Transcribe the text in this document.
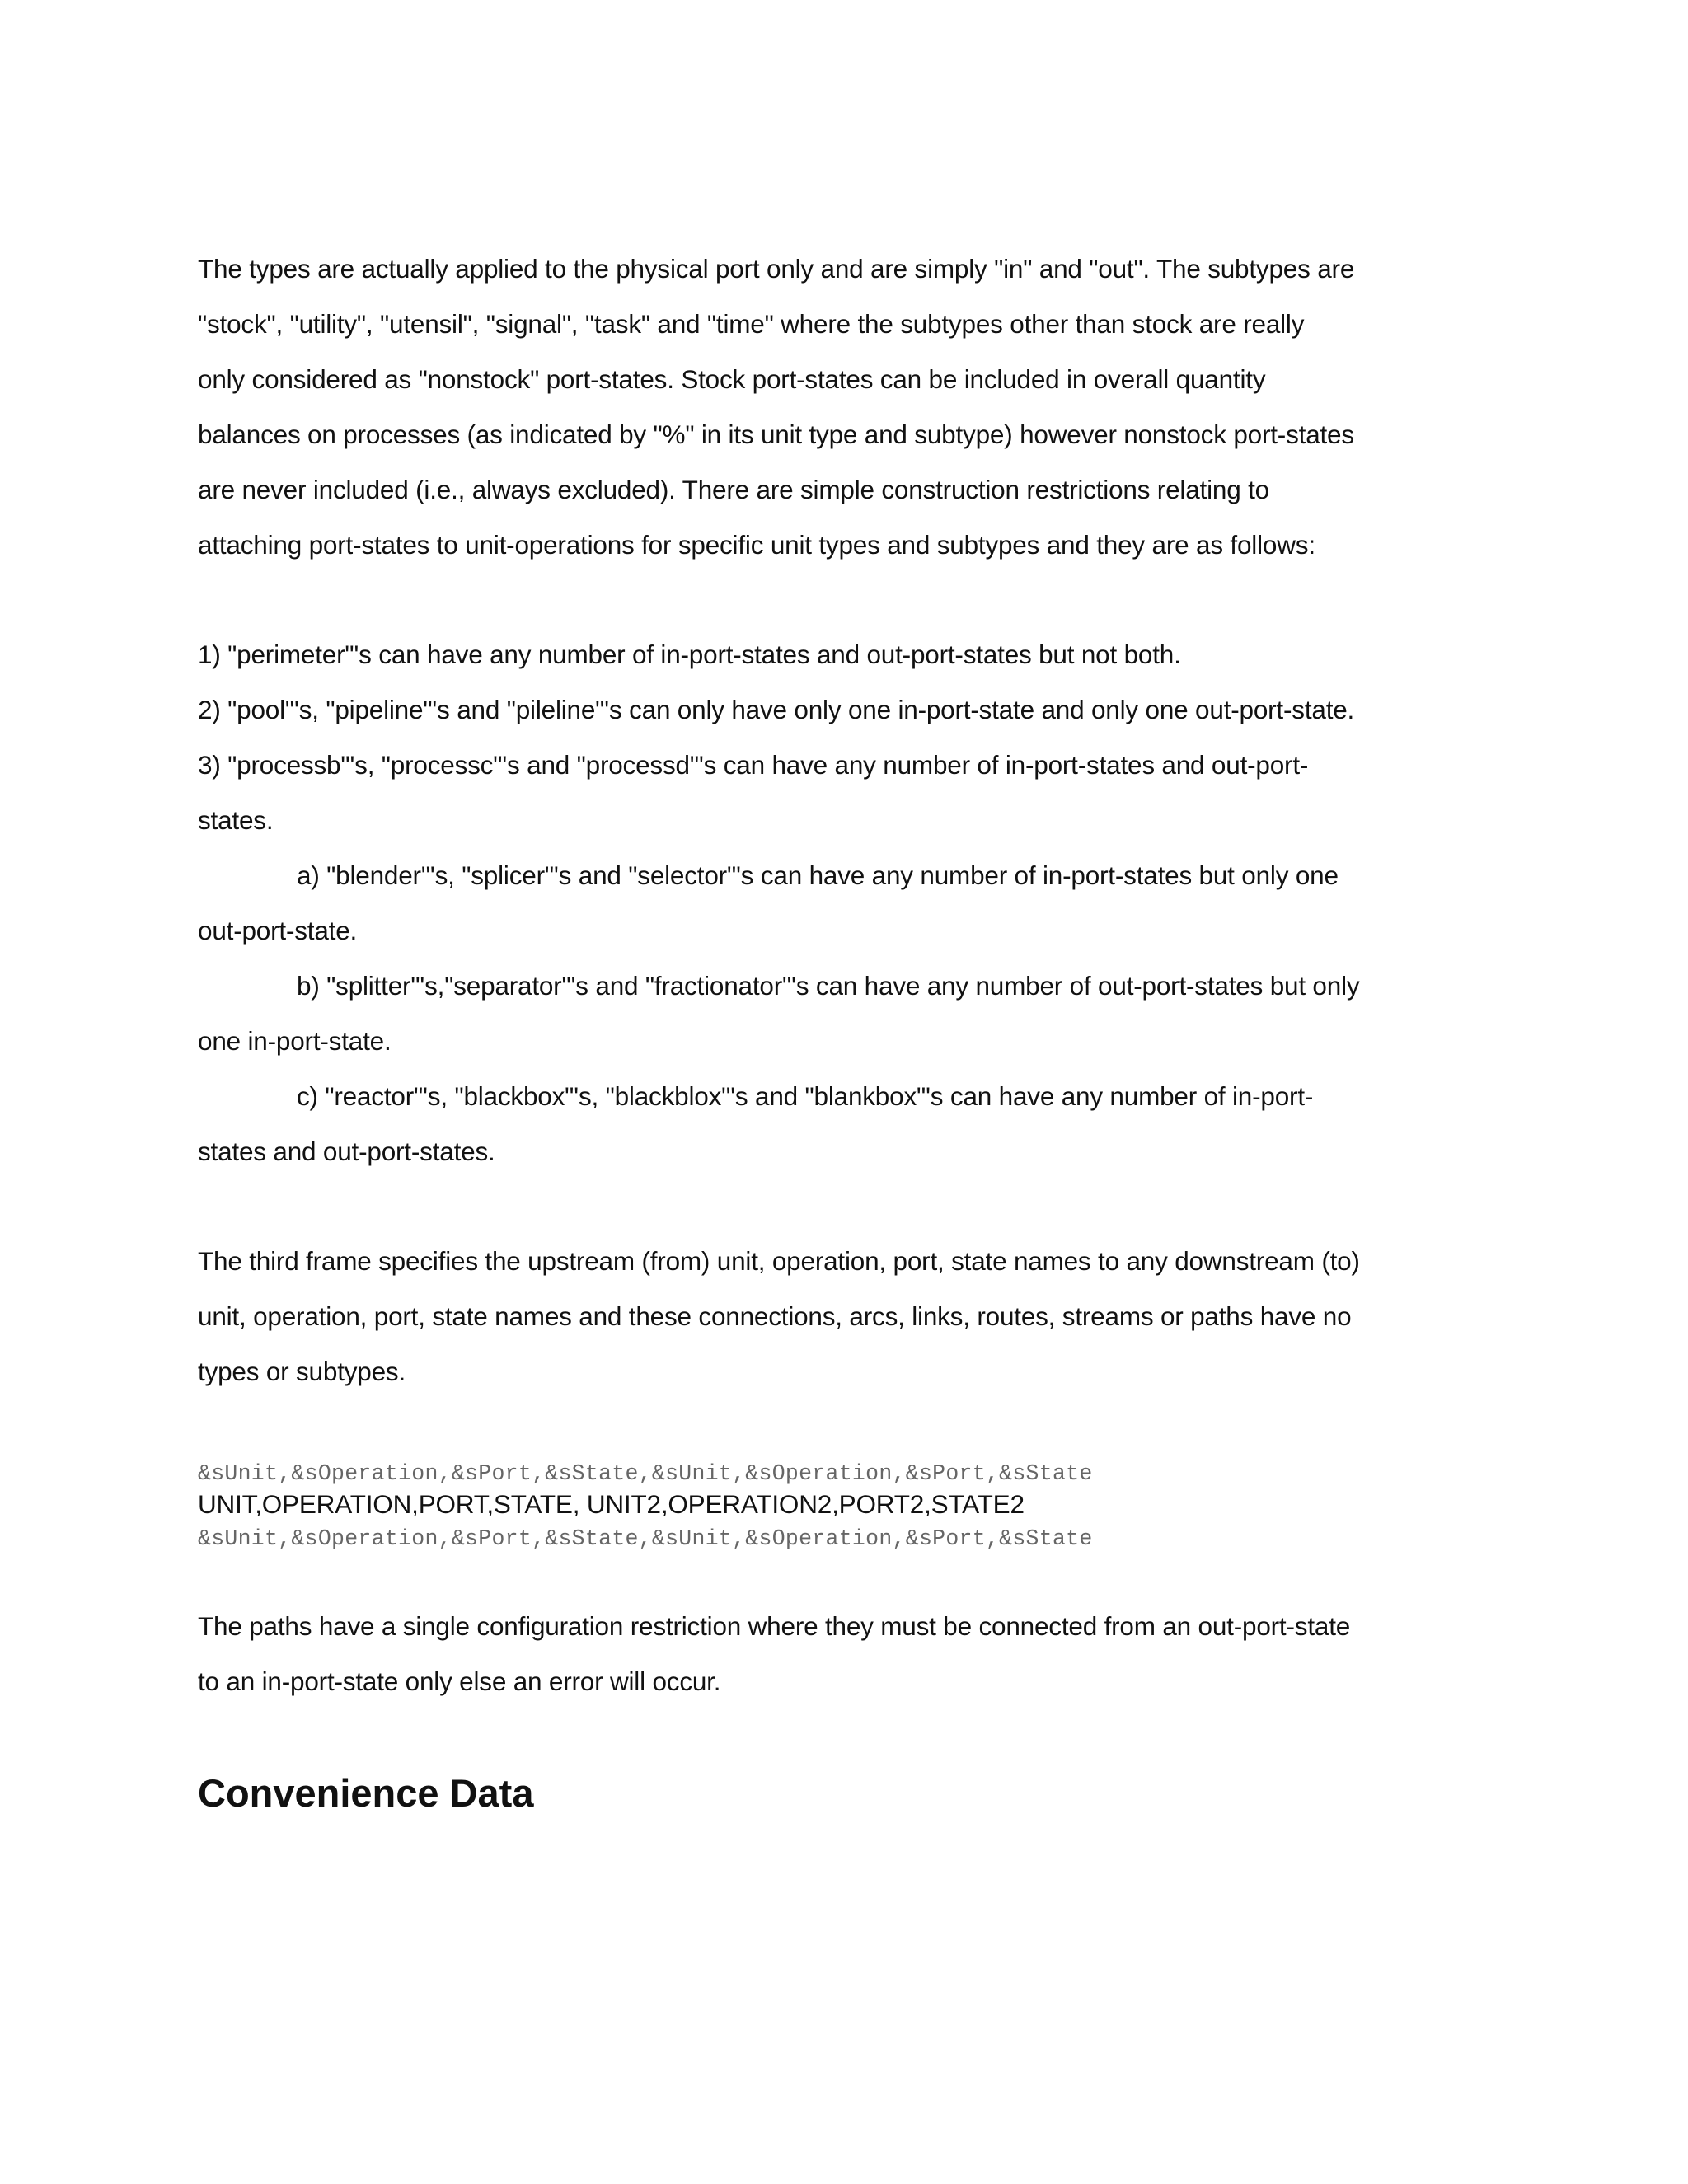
The types are actually applied to the physical port only and are simply "in" and "out". The subtypes are

"stock", "utility", "utensil", "signal", "task" and "time" where the subtypes other than stock are really

only considered as "nonstock" port-states. Stock port-states can be included in overall quantity

balances on processes (as indicated by "%" in its unit type and subtype) however nonstock port-states

are never included (i.e., always excluded). There are simple construction restrictions relating to

attaching port-states to unit-operations for specific unit types and subtypes and they are as follows:

1) "perimeter"'s can have any number of in-port-states and out-port-states but not both.

2) "pool"'s, "pipeline"'s and "pileline"'s can only have only one in-port-state and only one out-port-state.

3) "processb"'s, "processc"'s and "processd"'s can have any number of in-port-states and out-port-

states.

a) "blender"'s, "splicer"'s and "selector"'s can have any number of in-port-states but only one

out-port-state.

b) "splitter"'s,"separator"'s and "fractionator"'s can have any number of out-port-states but only

one in-port-state.

c) "reactor"'s, "blackbox"'s, "blackblox"'s and "blankbox"'s can have any number of in-port-

states and out-port-states.

The third frame specifies the upstream (from) unit, operation, port, state names to any downstream (to)

unit, operation, port, state names and these connections, arcs, links, routes, streams or paths have no

types or subtypes.

&sUnit,&sOperation,&sPort,&sState,&sUnit,&sOperation,&sPort,&sState

UNIT,OPERATION,PORT,STATE, UNIT2,OPERATION2,PORT2,STATE2

&sUnit,&sOperation,&sPort,&sState,&sUnit,&sOperation,&sPort,&sState

The paths have a single configuration restriction where they must be connected from an out-port-state

to an in-port-state only else an error will occur.

Convenience Data
